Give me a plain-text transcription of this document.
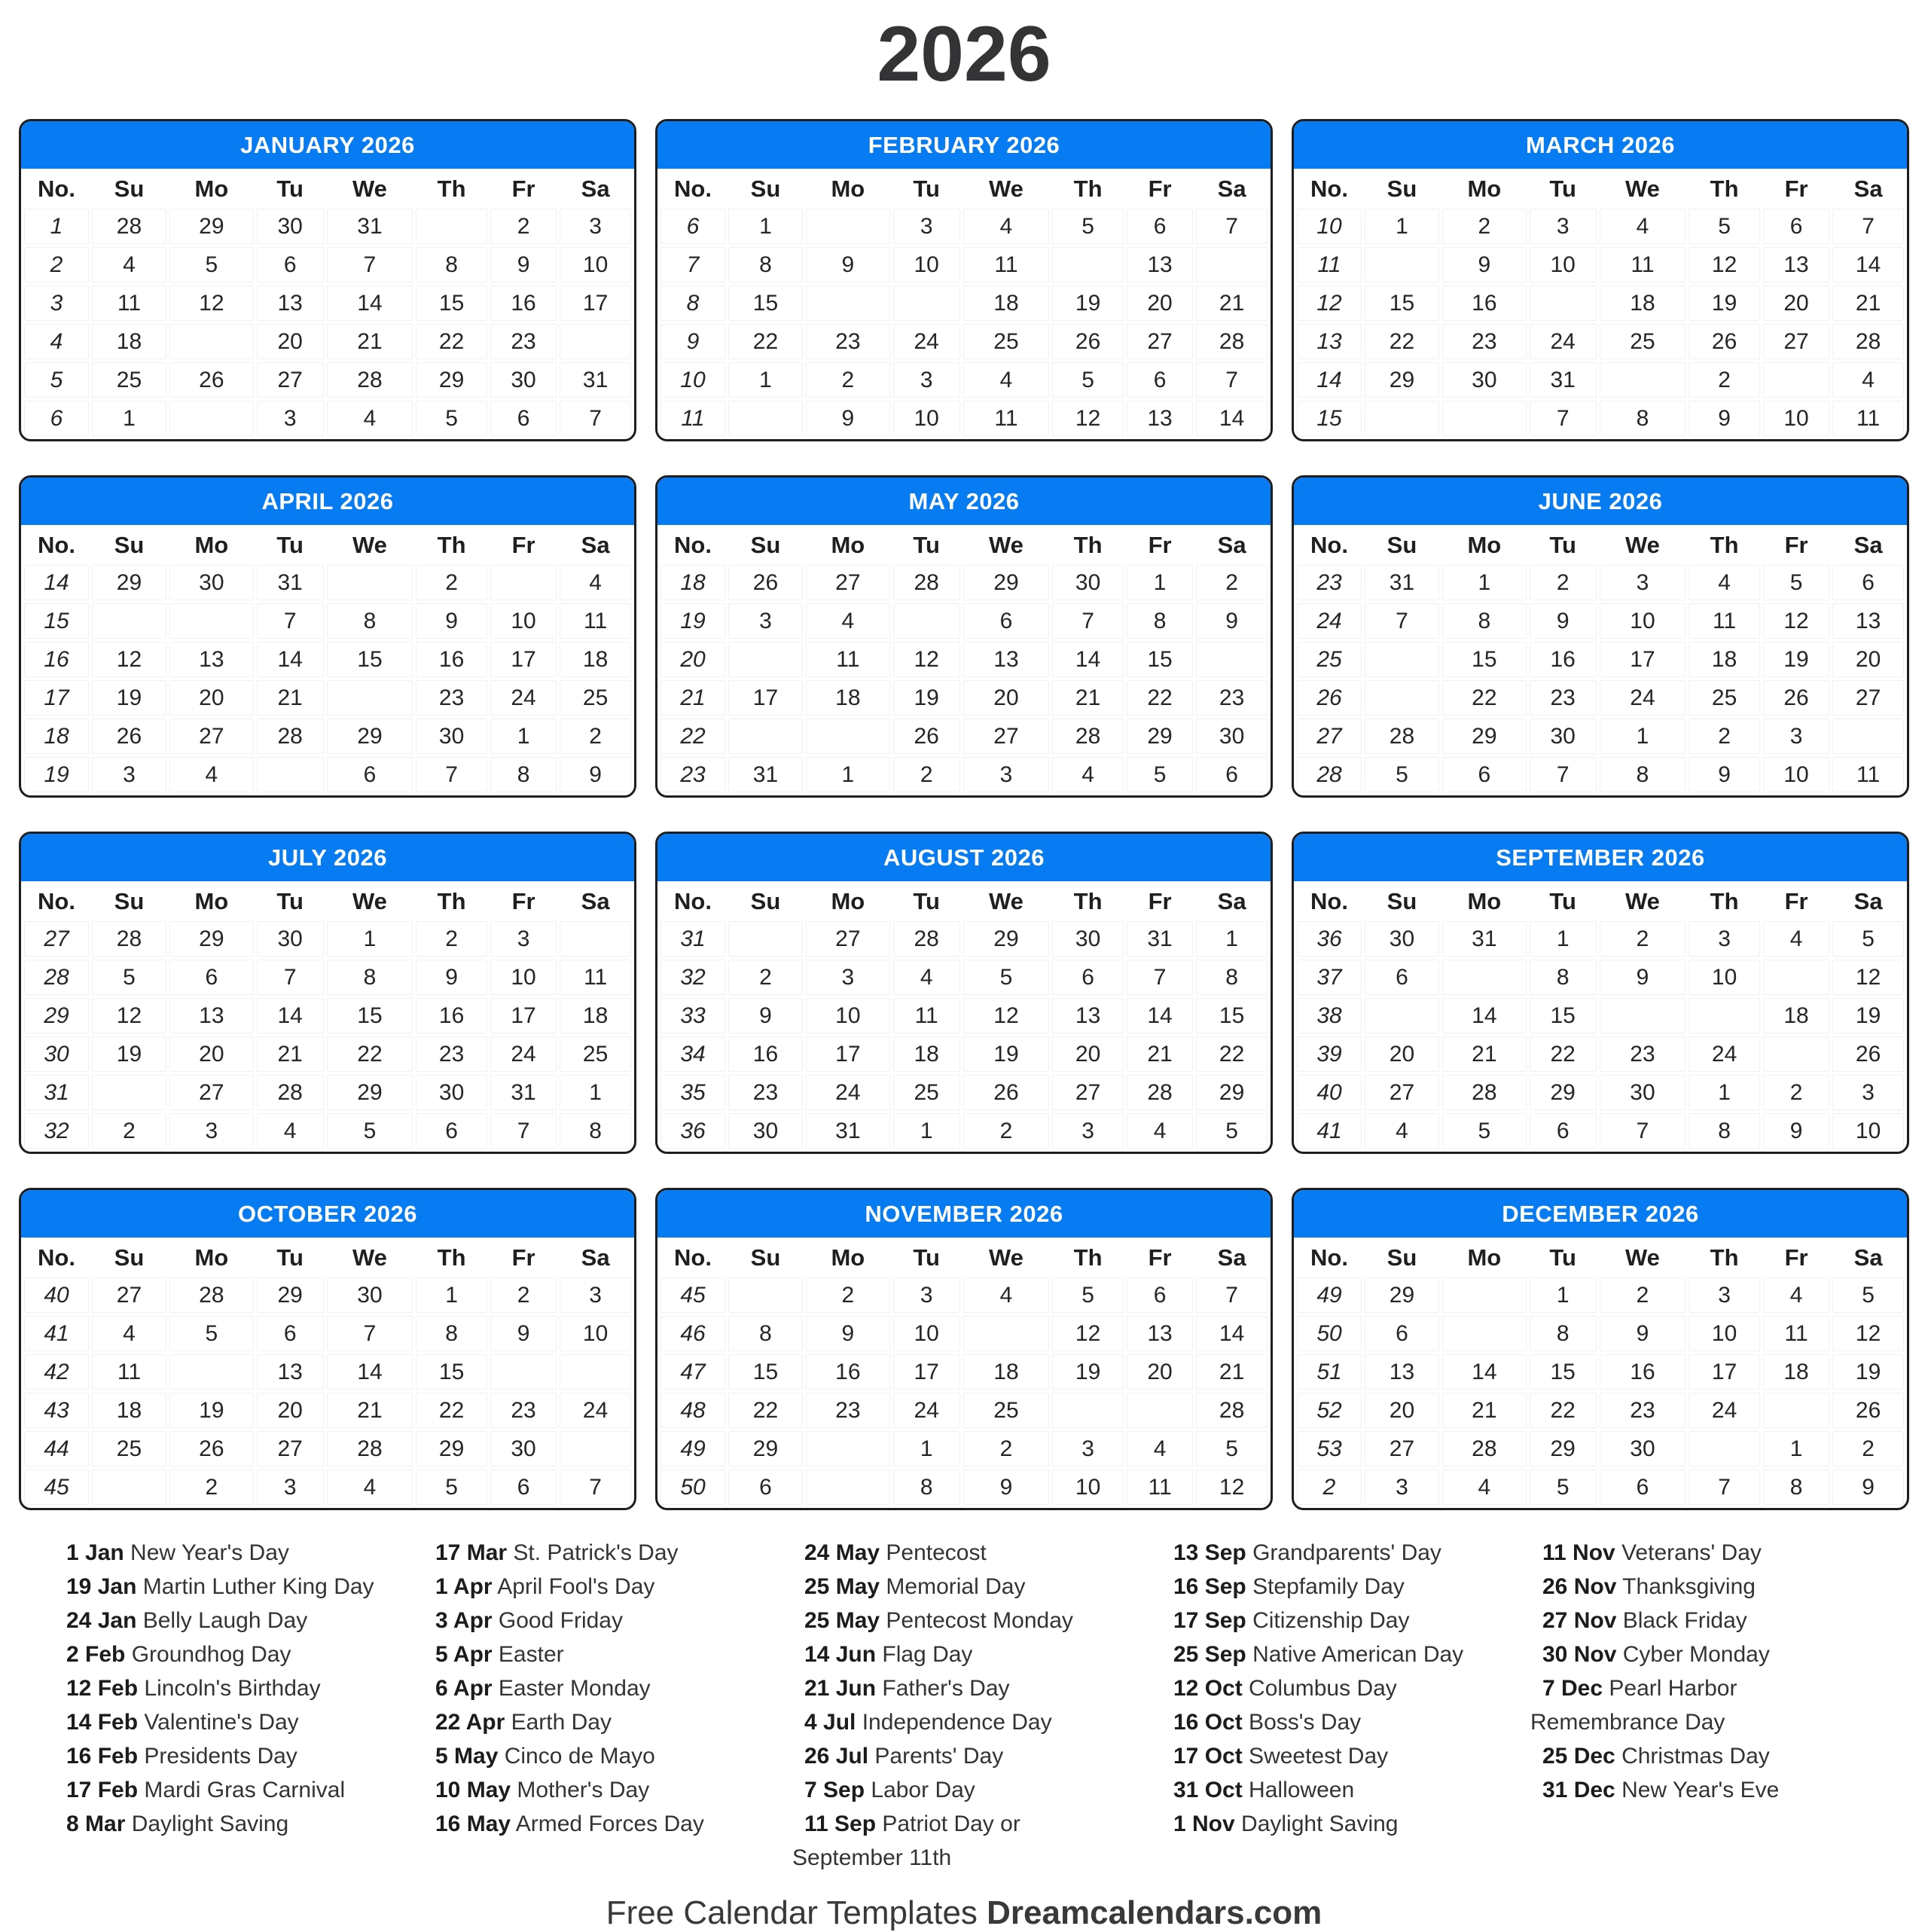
2026
JANUARY 2026
No.	Su	Mo	Tu	We	Th	Fr	Sa
1	28	29	30	31	1	2	3
2	4	5	6	7	8	9	10
3	11	12	13	14	15	16	17
4	18	19	20	21	22	23	24
5	25	26	27	28	29	30	31
6	1	2	3	4	5	6	7
FEBRUARY 2026
No.	Su	Mo	Tu	We	Th	Fr	Sa
6	1	2	3	4	5	6	7
7	8	9	10	11	12	13	14
8	15	16	17	18	19	20	21
9	22	23	24	25	26	27	28
10	1	2	3	4	5	6	7
11	8	9	10	11	12	13	14
MARCH 2026
No.	Su	Mo	Tu	We	Th	Fr	Sa
10	1	2	3	4	5	6	7
11	8	9	10	11	12	13	14
12	15	16	17	18	19	20	21
13	22	23	24	25	26	27	28
14	29	30	31	1	2	3	4
15	5	6	7	8	9	10	11
APRIL 2026
No.	Su	Mo	Tu	We	Th	Fr	Sa
14	29	30	31	1	2	3	4
15	5	6	7	8	9	10	11
16	12	13	14	15	16	17	18
17	19	20	21	22	23	24	25
18	26	27	28	29	30	1	2
19	3	4	5	6	7	8	9
MAY 2026
No.	Su	Mo	Tu	We	Th	Fr	Sa
18	26	27	28	29	30	1	2
19	3	4	5	6	7	8	9
20	10	11	12	13	14	15	16
21	17	18	19	20	21	22	23
22	24	25	26	27	28	29	30
23	31	1	2	3	4	5	6
JUNE 2026
No.	Su	Mo	Tu	We	Th	Fr	Sa
23	31	1	2	3	4	5	6
24	7	8	9	10	11	12	13
25	14	15	16	17	18	19	20
26	21	22	23	24	25	26	27
27	28	29	30	1	2	3	4
28	5	6	7	8	9	10	11
JULY 2026
No.	Su	Mo	Tu	We	Th	Fr	Sa
27	28	29	30	1	2	3	4
28	5	6	7	8	9	10	11
29	12	13	14	15	16	17	18
30	19	20	21	22	23	24	25
31	26	27	28	29	30	31	1
32	2	3	4	5	6	7	8
AUGUST 2026
No.	Su	Mo	Tu	We	Th	Fr	Sa
31	26	27	28	29	30	31	1
32	2	3	4	5	6	7	8
33	9	10	11	12	13	14	15
34	16	17	18	19	20	21	22
35	23	24	25	26	27	28	29
36	30	31	1	2	3	4	5
SEPTEMBER 2026
No.	Su	Mo	Tu	We	Th	Fr	Sa
36	30	31	1	2	3	4	5
37	6	7	8	9	10	11	12
38	13	14	15	16	17	18	19
39	20	21	22	23	24	25	26
40	27	28	29	30	1	2	3
41	4	5	6	7	8	9	10
OCTOBER 2026
No.	Su	Mo	Tu	We	Th	Fr	Sa
40	27	28	29	30	1	2	3
41	4	5	6	7	8	9	10
42	11	12	13	14	15	16	17
43	18	19	20	21	22	23	24
44	25	26	27	28	29	30	31
45	1	2	3	4	5	6	7
NOVEMBER 2026
No.	Su	Mo	Tu	We	Th	Fr	Sa
45	1	2	3	4	5	6	7
46	8	9	10	11	12	13	14
47	15	16	17	18	19	20	21
48	22	23	24	25	26	27	28
49	29	30	1	2	3	4	5
50	6	7	8	9	10	11	12
DECEMBER 2026
No.	Su	Mo	Tu	We	Th	Fr	Sa
49	29	30	1	2	3	4	5
50	6	7	8	9	10	11	12
51	13	14	15	16	17	18	19
52	20	21	22	23	24	25	26
53	27	28	29	30	31	1	2
2	3	4	5	6	7	8	9
1 Jan New Year's Day
19 Jan Martin Luther King Day
24 Jan Belly Laugh Day
2 Feb Groundhog Day
12 Feb Lincoln's Birthday
14 Feb Valentine's Day
16 Feb Presidents Day
17 Feb Mardi Gras Carnival
8 Mar Daylight Saving
17 Mar St. Patrick's Day
1 Apr April Fool's Day
3 Apr Good Friday
5 Apr Easter
6 Apr Easter Monday
22 Apr Earth Day
5 May Cinco de Mayo
10 May Mother's Day
16 May Armed Forces Day
24 May Pentecost
25 May Memorial Day
25 May Pentecost Monday
14 Jun Flag Day
21 Jun Father's Day
4 Jul Independence Day
26 Jul Parents' Day
7 Sep Labor Day
11 Sep Patriot Day or September 11th
13 Sep Grandparents' Day
16 Sep Stepfamily Day
17 Sep Citizenship Day
25 Sep Native American Day
12 Oct Columbus Day
16 Oct Boss's Day
17 Oct Sweetest Day
31 Oct Halloween
1 Nov Daylight Saving
11 Nov Veterans' Day
26 Nov Thanksgiving
27 Nov Black Friday
30 Nov Cyber Monday
7 Dec Pearl Harbor Remembrance Day
25 Dec Christmas Day
31 Dec New Year's Eve
Free Calendar Templates Dreamcalendars.com
